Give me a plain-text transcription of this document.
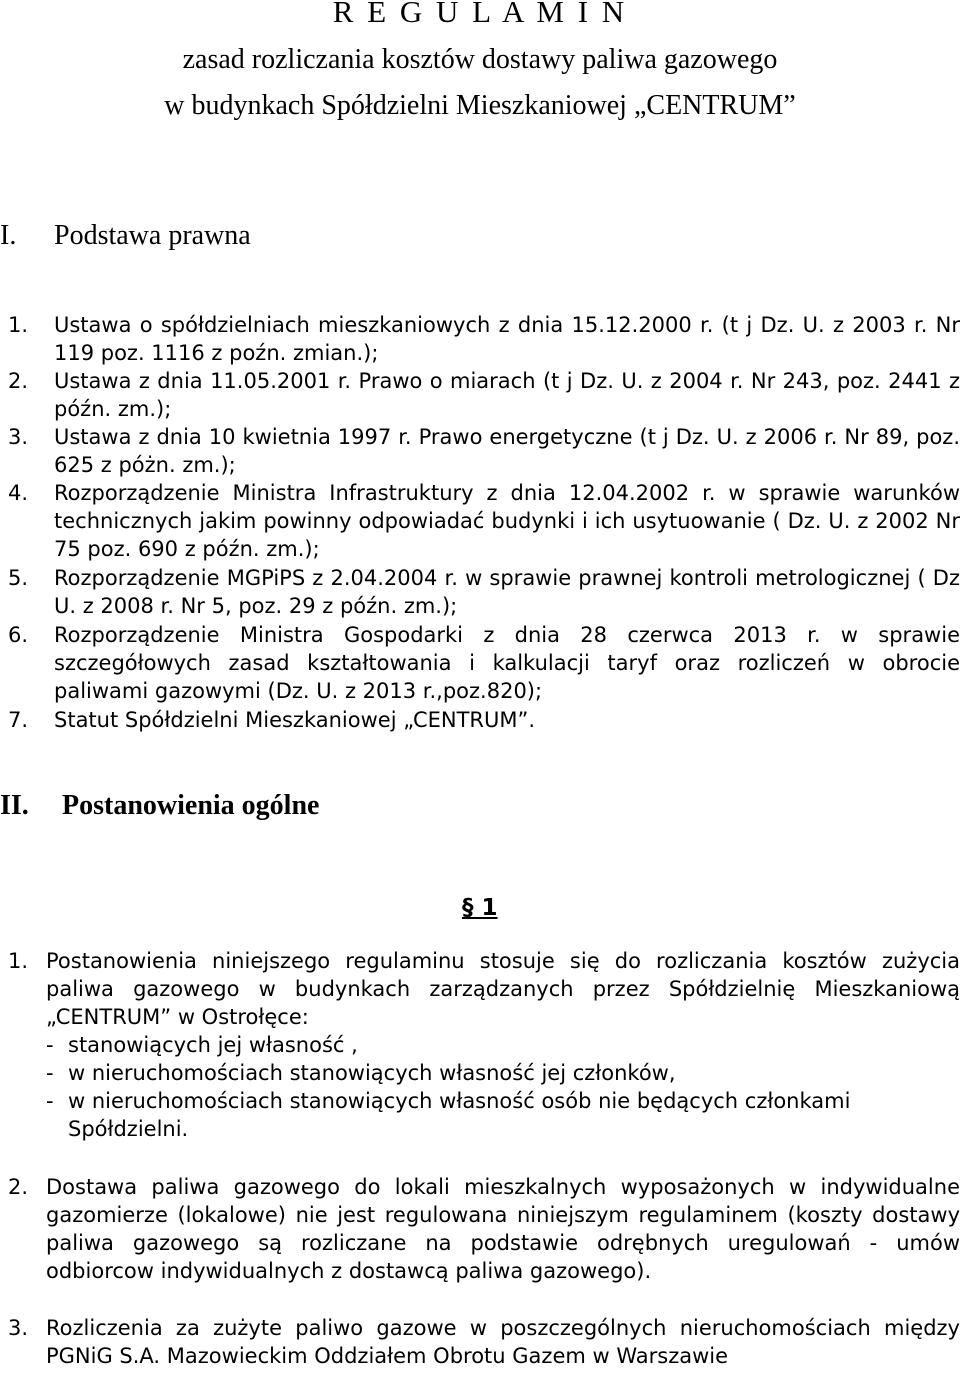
R E G U L A M I N
zasad rozliczania kosztów dostawy paliwa gazowego
w budynkach Spółdzielni Mieszkaniowej „CENTRUM”
I. Podstawa prawna
1. Ustawa o spółdzielniach mieszkaniowych z dnia 15.12.2000 r. (t j Dz. U. z 2003 r. Nr 119 poz. 1116 z poźn. zmian.);
2. Ustawa z dnia 11.05.2001 r. Prawo o miarach (t j Dz. U. z 2004 r. Nr 243, poz. 2441 z późn. zm.);
3. Ustawa z dnia 10 kwietnia 1997 r. Prawo energetyczne (t j Dz. U. z 2006 r. Nr 89, poz. 625 z póżn. zm.);
4. Rozporządzenie Ministra Infrastruktury z dnia 12.04.2002 r. w sprawie warunków technicznych jakim powinny odpowiadać budynki i ich usytuowanie ( Dz. U. z 2002 Nr 75 poz. 690 z późn. zm.);
5. Rozporządzenie MGPiPS z 2.04.2004 r. w sprawie prawnej kontroli metrologicznej ( Dz U. z 2008 r. Nr 5, poz. 29 z późn. zm.);
6. Rozporządzenie Ministra Gospodarki z dnia 28 czerwca 2013 r. w sprawie szczegółowych zasad kształtowania i kalkulacji taryf oraz rozliczeń w obrocie paliwami gazowymi (Dz. U. z 2013 r.,poz.820);
7. Statut Spółdzielni Mieszkaniowej „CENTRUM”.
II. Postanowienia ogólne
§ 1
1. Postanowienia niniejszego regulaminu stosuje się do rozliczania kosztów zużycia paliwa gazowego w budynkach zarządzanych przez Spółdzielnię Mieszkaniową „CENTRUM” w Ostrołęce:
- stanowiących jej własność ,
- w nieruchomościach stanowiących własność jej członków,
- w nieruchomościach stanowiących własność osób nie będących członkami
Spółdzielni.
2. Dostawa paliwa gazowego do lokali mieszkalnych wyposażonych w indywidualne gazomierze (lokalowe) nie jest regulowana niniejszym regulaminem (koszty dostawy paliwa gazowego są rozliczane na podstawie odrębnych uregulowań - umów odbiorcow indywidualnych z dostawcą paliwa gazowego).
3. Rozliczenia za zużyte paliwo gazowe w poszczególnych nieruchomościach między PGNiG S.A. Mazowieckim Oddziałem Obrotu Gazem w Warszawie
